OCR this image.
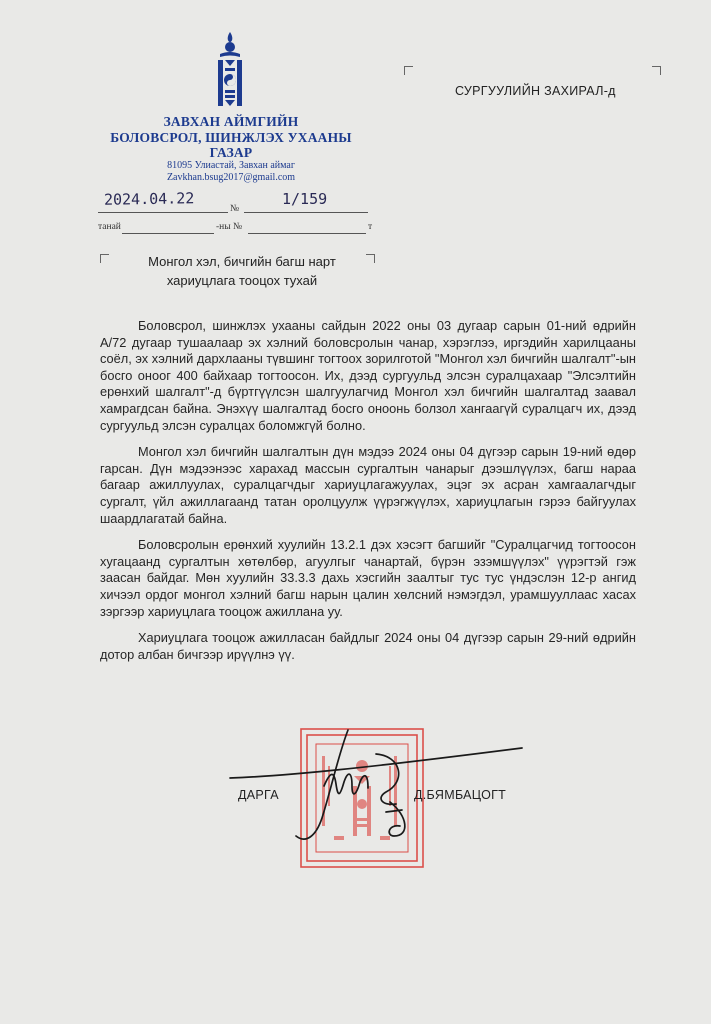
ЗАВХАН АЙМГИЙН
БОЛОВСРОЛ, ШИНЖЛЭХ УХААНЫ
ГАЗАР
81095 Улиастай, Завхан аймаг
Zavkhan.bsug2017@gmail.com
2024.04.22
№
1/159
танай	-ны №	т
СУРГУУЛИЙН ЗАХИРАЛ-д
Монгол хэл, бичгийн багш нарт
хариуцлага тооцох тухай

Боловсрол, шинжлэх ухааны сайдын 2022 оны 03 дугаар сарын 01-ний өдрийн А/72 дугаар тушаалаар эх хэлний боловсролын чанар, хэрэглээ, иргэдийн харилцааны соёл, эх хэлний дархлааны түвшинг тогтоох зорилготой "Монгол хэл бичгийн шалгалт"-ын босго оноог 400 байхаар тогтоосон. Их, дээд сургуульд элсэн суралцахаар "Элсэлтийн ерөнхий шалгалт"-д бүртгүүлсэн шалгуулагчид Монгол хэл бичгийн шалгалтад заавал хамрагдсан байна. Энэхүү шалгалтад босго оноонь болзол хангаагүй суралцагч их, дээд сургуульд элсэн суралцах боломжгүй болно.

Монгол хэл бичгийн шалгалтын дүн мэдээ 2024 оны 04 дүгээр сарын 19-ний өдөр гарсан. Дүн мэдээнээс харахад массын сургалтын чанарыг дээшлүүлэх, багш нараа багаар ажиллуулах, суралцагчдыг хариуцлагажуулах, эцэг эх асран хамгаалагчдыг сургалт, үйл ажиллагаанд татан оролцуулж үүрэгжүүлэх, хариуцлагын гэрээ байгуулах шаардлагатай байна.

Боловсролын ерөнхий хуулийн 13.2.1 дэх хэсэгт багшийг "Суралцагчид тогтоосон хугацаанд сургалтын хөтөлбөр, агуулгыг чанартай, бүрэн эзэмшүүлэх" үүрэгтэй гэж заасан байдаг. Мөн хуулийн 33.3.3 дахь хэсгийн заалтыг тус тус үндэслэн 12-р ангид хичээл ордог монгол хэлний багш нарын цалин хөлсний нэмэгдэл, урамшууллаас хасах зэргээр хариуцлага тооцож ажиллана уу.

Хариуцлага тооцож ажилласан байдлыг 2024 оны 04 дүгээр сарын 29-ний өдрийн дотор албан бичгээр ирүүлнэ үү.

ДАРГА	Д.БЯМБАЦОГТ
